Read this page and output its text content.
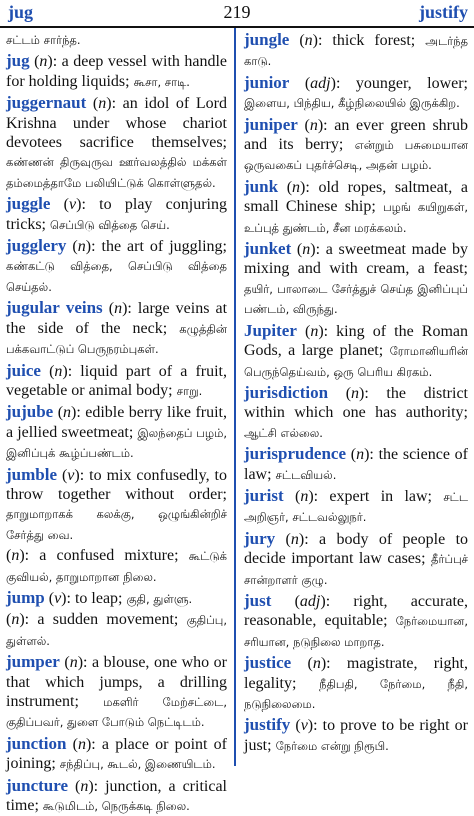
jug	219	justify
சட்டம் சார்ந்த.
jug (n): a deep vessel with handle for holding liquids; கூசா, சாடி.
juggernaut (n): an idol of Lord Krishna under whose chariot devotees sacrifice themselves; கண்ணன் திருவுருவ ஊர்வலத்தில் மக்கள் தம்மைத்தாமே பலியிட்டுக் கொள்ளுதல்.
juggle (v): to play conjuring tricks; செப்பிடு வித்தை செய்.
jugglery (n): the art of juggling; கண்கட்டு வித்தை, செப்பிடு வித்தை செய்தல்.
jugular veins (n): large veins at the side of the neck; கழுத்தின் பக்கவாட்டுப் பெருநரம்புகள்.
juice (n): liquid part of a fruit, vegetable or animal body; சாறு.
jujube (n): edible berry like fruit, a jellied sweetmeat; இலந்தைப் பழம், இனிப்புக் கூழ்ப்பண்டம்.
jumble (v): to mix confusedly, to throw together without order; தாறுமாறாகக் கலக்கு, ஒழுங்கின்றிச் சேர்த்து வை.
(n): a confused mixture; கூட்டுக் குவியல், தாறுமாறான நிலை.
jump (v): to leap; குதி, துள்ளு.
(n): a sudden movement; குதிப்பு, துள்ளல்.
jumper (n): a blouse, one who or that which jumps, a drilling instrument; மகளிர் மேற்சட்டை, குதிப்பவர், துளை போடும் நெட்டிடம்.
junction (n): a place or point of joining; சந்திப்பு, கூடல், இணையிடம்.
juncture (n): junction, a critical time; கூடுமிடம், நெருக்கடி நிலை.
jungle (n): thick forest; அடர்ந்த காடு.
junior (adj): younger, lower; இளைய, பிந்திய, கீழ்நிலையில் இருக்கிற.
juniper (n): an ever green shrub and its berry; என்றும் பசுமையான ஒருவகைப் புதர்ச்செடி, அதன் பழம்.
junk (n): old ropes, saltmeat, a small Chinese ship; பழங் கயிறுகள், உப்புத் துண்டம், சீன மரக்கலம்.
junket (n): a sweetmeat made by mixing and with cream, a feast; தயிர், பாலாடை சேர்த்துச் செய்த இனிப்புப் பண்டம், விருந்து.
Jupiter (n): king of the Roman Gods, a large planet; ரோமானியரின் பெருந்தெய்வம், ஒரு பெரிய கிரகம்.
jurisdiction (n): the district within which one has authority; ஆட்சி எல்லை.
jurisprudence (n): the science of law; சட்டவியல்.
jurist (n): expert in law; சட்ட அறிஞர், சட்டவல்லுநர்.
jury (n): a body of people to decide important law cases; தீர்ப்புச் சான்றாளர் குழு.
just (adj): right, accurate, reasonable, equitable; நேர்மையான, சரியான, நடுநிலை மாறாத.
justice (n): magistrate, right, legality; நீதிபதி, நேர்மை, நீதி, நடுநிலைமை.
justify (v): to prove to be right or just; நேர்மை என்று நிரூபி.
